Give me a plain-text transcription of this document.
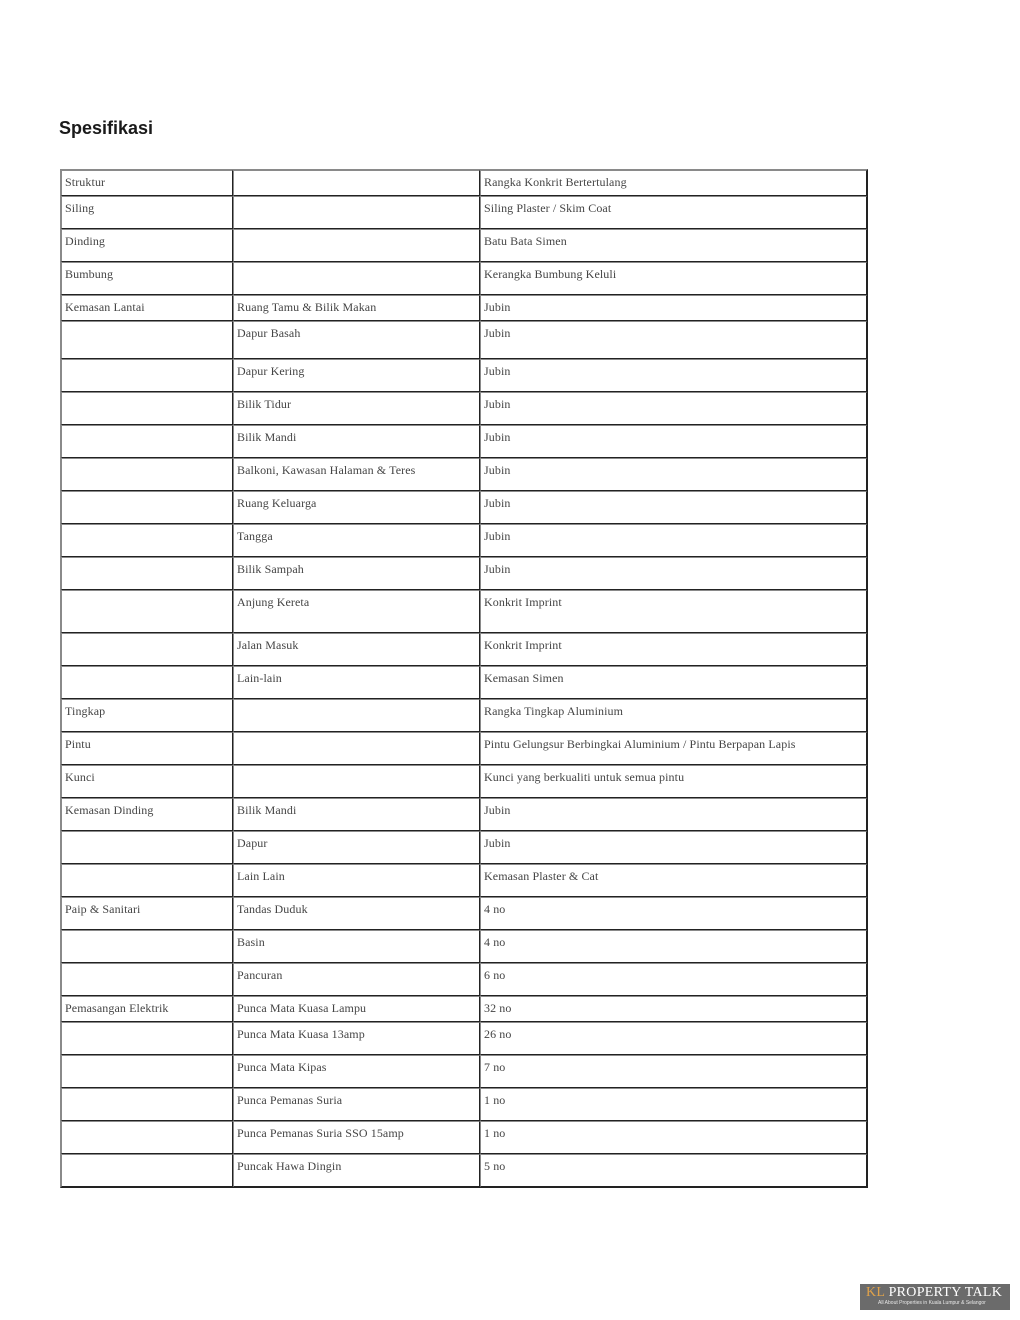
Spesifikasi
Struktur		Rangka Konkrit Bertertulang
Siling		Siling Plaster / Skim Coat
Dinding		Batu Bata Simen
Bumbung		Kerangka Bumbung Keluli
Kemasan Lantai	Ruang Tamu & Bilik Makan	Jubin
	Dapur Basah	Jubin
	Dapur Kering	Jubin
	Bilik Tidur	Jubin
	Bilik Mandi	Jubin
	Balkoni, Kawasan Halaman & Teres	Jubin
	Ruang Keluarga	Jubin
	Tangga	Jubin
	Bilik Sampah	Jubin
	Anjung Kereta	Konkrit Imprint
	Jalan Masuk	Konkrit Imprint
	Lain-lain	Kemasan Simen
Tingkap		Rangka Tingkap Aluminium
Pintu		Pintu Gelungsur Berbingkai Aluminium / Pintu Berpapan Lapis
Kunci		Kunci yang berkualiti untuk semua pintu
Kemasan Dinding	Bilik Mandi	Jubin
	Dapur	Jubin
	Lain Lain	Kemasan Plaster & Cat
Paip & Sanitari	Tandas Duduk	4 no
	Basin	4 no
	Pancuran	6 no
Pemasangan Elektrik	Punca Mata Kuasa Lampu	32 no
	Punca Mata Kuasa 13amp	26 no
	Punca Mata Kipas	7 no
	Punca Pemanas Suria	1 no
	Punca Pemanas Suria SSO 15amp	1 no
	Puncak Hawa Dingin	5 no
KL PROPERTY TALK
All About Properties in Kuala Lumpur & Selangor
